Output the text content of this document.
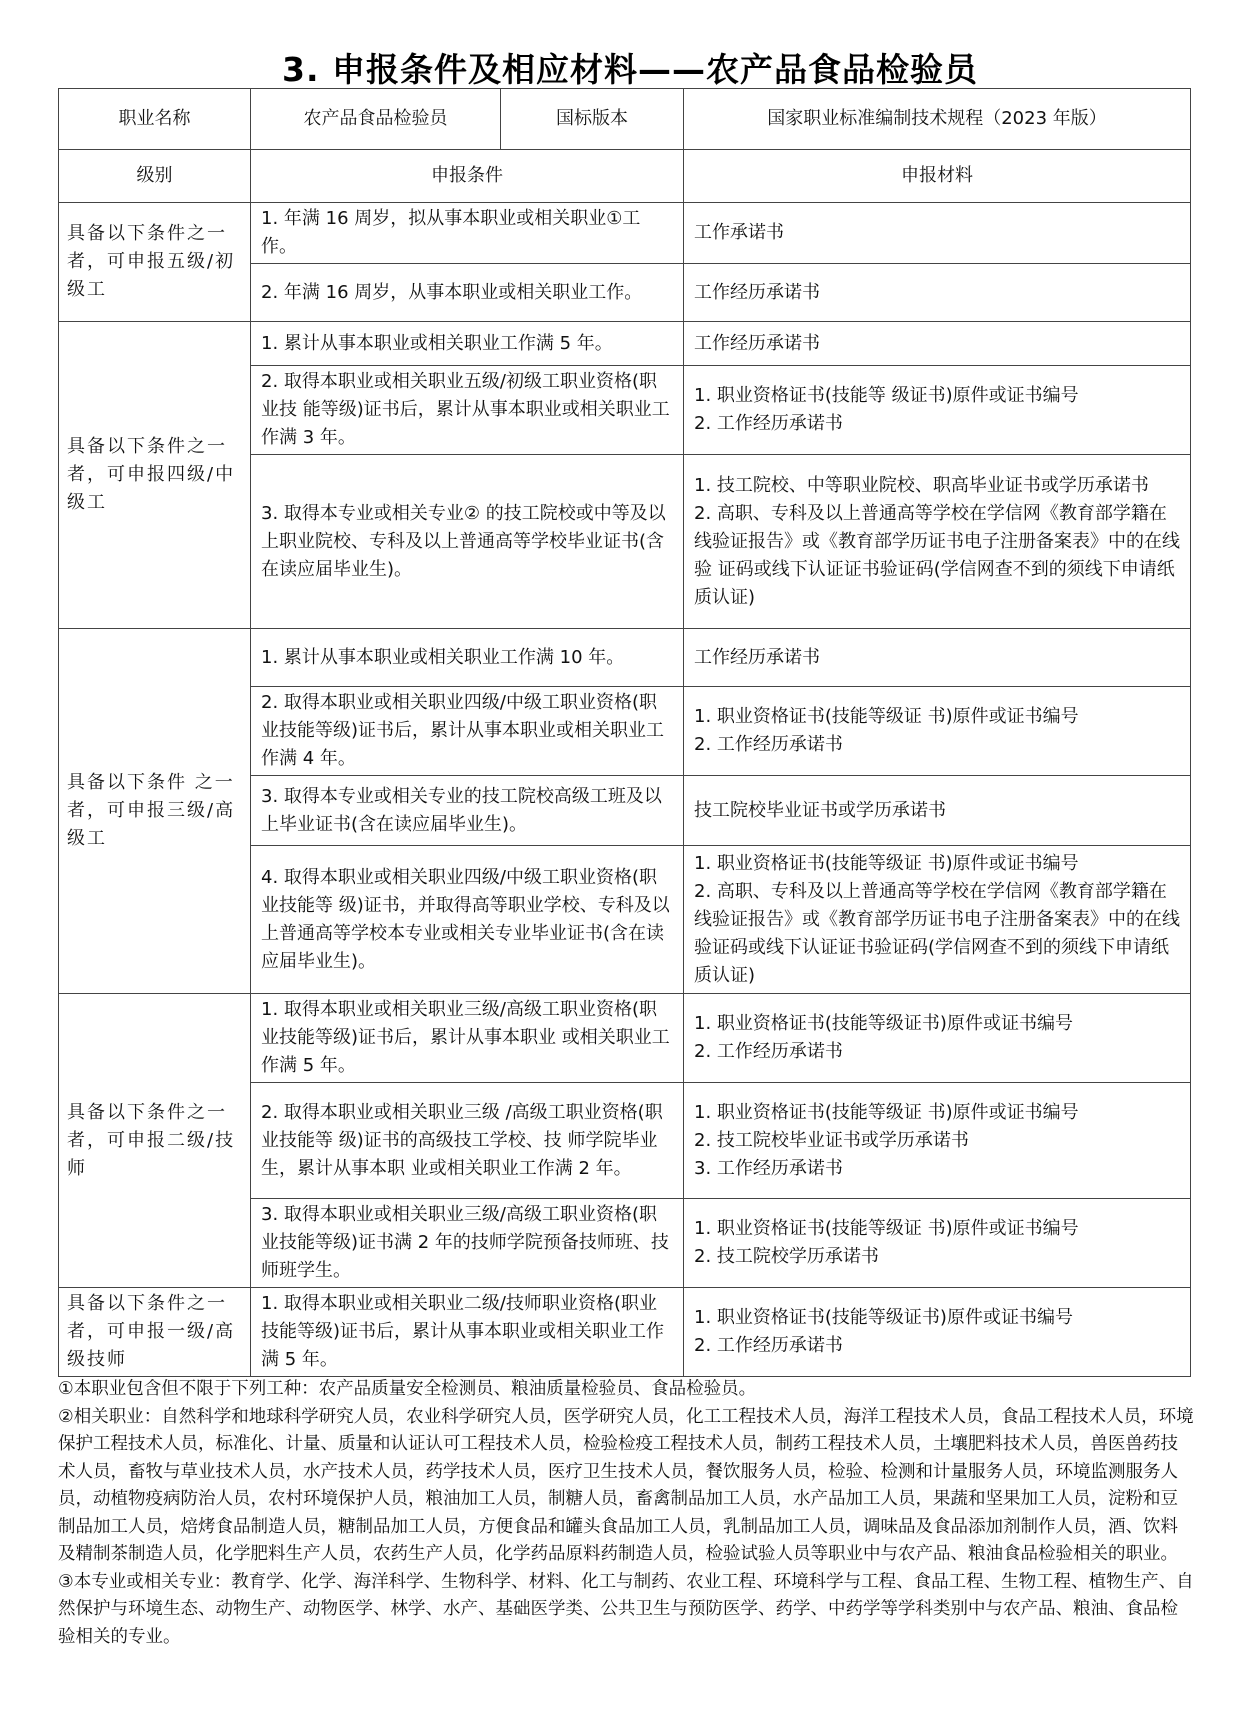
3. 申报条件及相应材料——农产品食品检验员
职业名称	农产品食品检验员	国标版本	国家职业标准编制技术规程（2023 年版）
级别	申报条件		申报材料
具备以下条件之一者，可申报五级/初级工	1. 年满 16 周岁，拟从事本职业或相关职业①工作。		工作承诺书

	2. 年满 16 周岁，从事本职业或相关职业工作。		工作经历承诺书

具备以下条件之一者，可申报四级/中级工	1. 累计从事本职业或相关职业工作满 5 年。		工作经历承诺书

	2. 取得本职业或相关职业五级/初级工职业资格(职业技 能等级)证书后，累计从事本职业或相关职业工作满 3 年。		1. 职业资格证书(技能等 级证书)原件或证书编号
2. 工作经历承诺书

	3. 取得本专业或相关专业② 的技工院校或中等及以上职业院校、专科及以上普通高等学校毕业证书(含在读应届毕业生)。		1. 技工院校、中等职业院校、职高毕业证书或学历承诺书
2. 高职、专科及以上普通高等学校在学信网《教育部学籍在线验证报告》或《教育部学历证书电子注册备案表》中的在线验 证码或线下认证证书验证码(学信网查不到的须线下申请纸质认证)

具备以下条件 之一者，可申报三级/高级工	1. 累计从事本职业或相关职业工作满 10 年。		工作经历承诺书

	2. 取得本职业或相关职业四级/中级工职业资格(职业技能等级)证书后，累计从事本职业或相关职业工作满 4 年。		1. 职业资格证书(技能等级证 书)原件或证书编号
2. 工作经历承诺书

	3. 取得本专业或相关专业的技工院校高级工班及以上毕业证书(含在读应届毕业生)。		技工院校毕业证书或学历承诺书

	4. 取得本职业或相关职业四级/中级工职业资格(职业技能等 级)证书，并取得高等职业学校、专科及以上普通高等学校本专业或相关专业毕业证书(含在读应届毕业生)。		1. 职业资格证书(技能等级证 书)原件或证书编号
2. 高职、专科及以上普通高等学校在学信网《教育部学籍在线验证报告》或《教育部学历证书电子注册备案表》中的在线验证码或线下认证证书验证码(学信网查不到的须线下申请纸质认证)

具备以下条件之一者，可申报二级/技师	1. 取得本职业或相关职业三级/高级工职业资格(职业技能等级)证书后，累计从事本职业 或相关职业工作满 5 年。		1. 职业资格证书(技能等级证书)原件或证书编号
2. 工作经历承诺书

	2. 取得本职业或相关职业三级 /高级工职业资格(职业技能等 级)证书的高级技工学校、技 师学院毕业生，累计从事本职 业或相关职业工作满 2 年。		1. 职业资格证书(技能等级证 书)原件或证书编号
2. 技工院校毕业证书或学历承诺书
3. 工作经历承诺书

	3. 取得本职业或相关职业三级/高级工职业资格(职业技能等级)证书满 2 年的技师学院预备技师班、技师班学生。		1. 职业资格证书(技能等级证 书)原件或证书编号
2. 技工院校学历承诺书

具备以下条件之一者，可申报一级/高级技师	1. 取得本职业或相关职业二级/技师职业资格(职业技能等级)证书后，累计从事本职业或相关职业工作满 5 年。		1. 职业资格证书(技能等级证书)原件或证书编号
2. 工作经历承诺书

①本职业包含但不限于下列工种：农产品质量安全检测员、粮油质量检验员、食品检验员。

②相关职业：自然科学和地球科学研究人员，农业科学研究人员，医学研究人员，化工工程技术人员，海洋工程技术人员，食品工程技术人员，环境保护工程技术人员，标准化、计量、质量和认证认可工程技术人员，检验检疫工程技术人员，制药工程技术人员，土壤肥料技术人员，兽医兽药技术人员，畜牧与草业技术人员，水产技术人员，药学技术人员，医疗卫生技术人员，餐饮服务人员，检验、检测和计量服务人员，环境监测服务人员，动植物疫病防治人员，农村环境保护人员，粮油加工人员，制糖人员，畜禽制品加工人员，水产品加工人员，果蔬和坚果加工人员，淀粉和豆制品加工人员，焙烤食品制造人员，糖制品加工人员，方便食品和罐头食品加工人员，乳制品加工人员，调味品及食品添加剂制作人员，酒、饮料及精制茶制造人员，化学肥料生产人员，农药生产人员，化学药品原料药制造人员，检验试验人员等职业中与农产品、粮油食品检验相关的职业。

③本专业或相关专业：教育学、化学、海洋科学、生物科学、材料、化工与制药、农业工程、环境科学与工程、食品工程、生物工程、植物生产、自然保护与环境生态、动物生产、动物医学、林学、水产、基础医学类、公共卫生与预防医学、药学、中药学等学科类别中与农产品、粮油、食品检验相关的专业。
